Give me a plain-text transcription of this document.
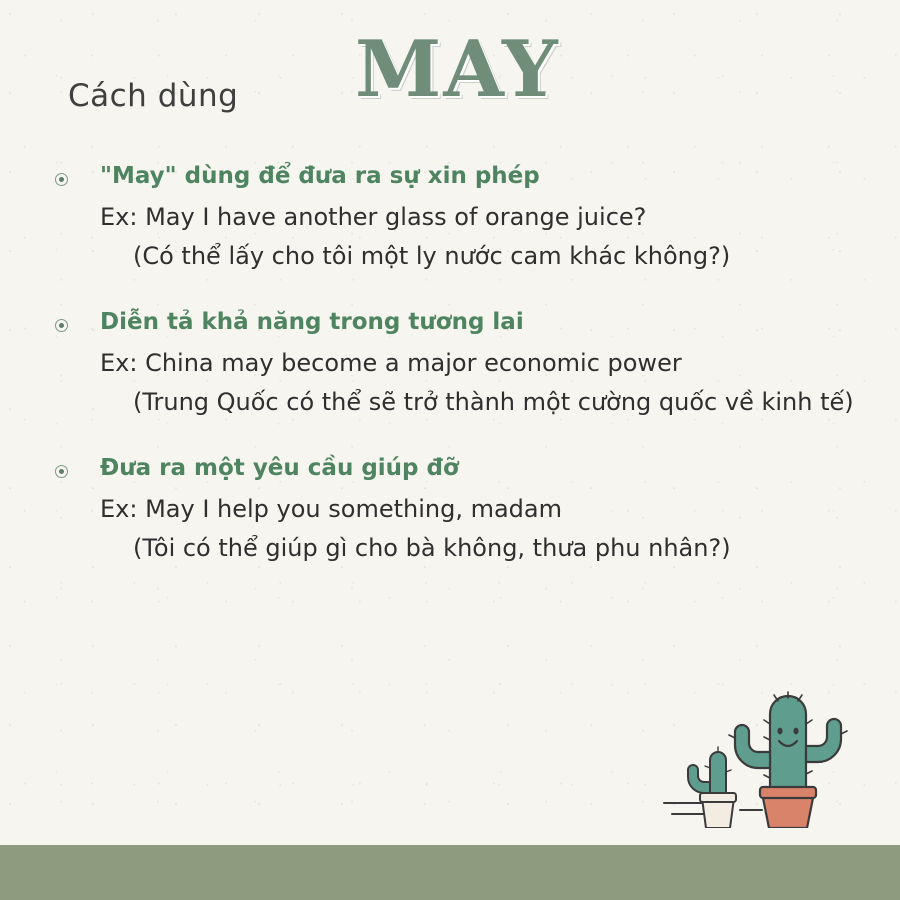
Cách dùng MAY
"May" dùng để đưa ra sự xin phép
Ex: May I have another glass of orange juice?
(Có thể lấy cho tôi một ly nước cam khác không?)
Diễn tả khả năng trong tương lai
Ex: China may become a major economic power
(Trung Quốc có thể sẽ trở thành một cường quốc về kinh tế)
Đưa ra một yêu cầu giúp đỡ
Ex: May I help you something, madam
(Tôi có thể giúp gì cho bà không, thưa phu nhân?)
